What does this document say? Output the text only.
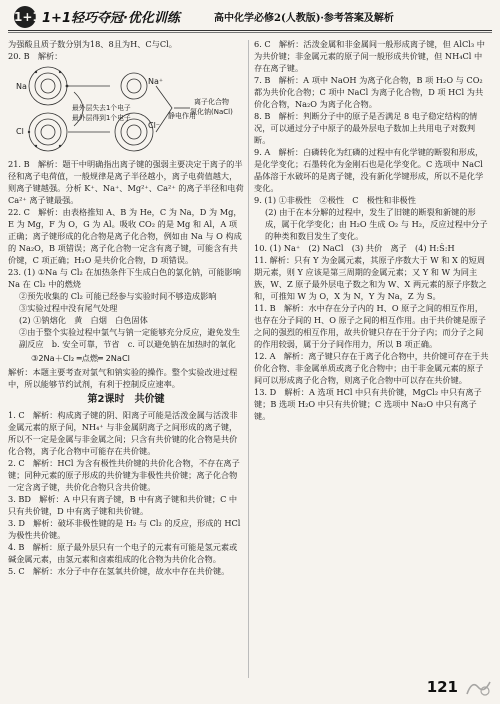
1+1 1+1轻巧夺冠·优化训练	高中化学必修2(人教版)·参考答案及解析

为强酸且质子数分别为18、8且为H、C与Cl。

20. B　解析：

Na
Cl
最外层失去1个电子
最外层得到1个电子
Na⁺
Cl⁻
静电作用
离子化合物
氯化钠(NaCl)

21. B　解析：题干中明确指出离子键的强弱主要决定于离子的半径和离子电荷值，一般规律是离子半径越小，离子电荷值越大，则离子键越强。分析 K⁺、Na⁺、Mg²⁺、Ca²⁺ 的离子半径和电荷 Ca²⁺ 离子键最强。

22. C　解析：由表格推知 A、B 为 He，C 为 Na，D 为 Mg，E 为 Mg，F 为 O，G 为 Al。吸收 CO₂ 的是 Mg 和 Al，A 项正确；离子键形成的化合物是离子化合物，例如由 Na 与 O 构成的 Na₂O，B 项错误；离子化合物一定含有离子键，可能含有共价键，C 项正确；H₂O 是共价化合物，D 项错误。

23. (1) ①Na 与 Cl₂ 在加热条件下生成白色的氯化钠，可能影响 Na 在 Cl₂ 中的燃烧

②预先收集的 Cl₂ 可能已经参与实验时间不够造成影响

③实验过程中没有尾气处理

(2) ①钠熔化　黄　白烟　白色固体

②由于整个实验过程中氯气与钠一定能够充分反应，避免发生副反应　b. 安全可靠，节省　c. 可以避免钠在加热时的氧化

③2Na＋Cl₂ ═点燃═ 2NaCl

解析：本题主要考查对氯气和钠实验的操作。整个实验改进过程中，所以能够节约试剂，有利于控制反应速率。

第2课时　共价键

1. C　解析：构成离子键的阴、阳离子可能是活泼金属与活泼非金属元素的原子间，NH₄⁺ 与非金属阴离子之间形成的离子键，所以不一定是金属与非金属之间；只含有共价键的化合物是共价化合物，离子化合物中可能存在共价键。

2. C　解析：HCl 为含有极性共价键的共价化合物，不存在离子键；同种元素的原子形成的共价键为非极性共价键；离子化合物一定含离子键，共价化合物只含共价键。

3. BD　解析：A 中只有离子键，B 中有离子键和共价键；C 中只有共价键，D 中有离子键和共价键。

3. D　解析：破坏非极性键的是 H₂ 与 Cl₂ 的反应，形成的 HCl 为极性共价键。

4. B　解析：原子最外层只有一个电子的元素有可能是氢元素或碱金属元素，由氢元素和卤素组成的化合物为共价化合物。

5. C　解析：水分子中存在氢氧共价键，故水中存在共价键。

6. C　解析：活泼金属和非金属间一般形成离子键，但 AlCl₃ 中为共价键；非金属元素的原子间一般形成共价键，但 NH₄Cl 中存在离子键。

7. B　解析：A 项中 NaOH 为离子化合物，B 项 H₂O 与 CO₂ 都为共价化合物；C 项中 NaCl 为离子化合物，D 项 HCl 为共价化合物，Na₂O 为离子化合物。

8. B　解析：判断分子中的原子是否满足 8 电子稳定结构的情况，可以通过分子中原子的最外层电子数加上共用电子对数判断。

9. A　解析：白磷转化为红磷的过程中有化学键的断裂和形成，是化学变化；石墨转化为金刚石也是化学变化。C 选项中 NaCl 晶体溶于水破坏的是离子键，没有新化学键形成，所以不是化学变化。

9. (1) ①非极性　②极性　C　极性和非极性

(2) 由于在本分解的过程中，发生了旧键的断裂和新键的形成，属于化学变化；由 H₂O 生成 O₂ 与 H₂，反应过程中分子的种类和数目发生了变化。

10. (1) Na⁺　(2) NaCl　(3) 共价　离子　(4) H:Ṡ:H

11. 解析：只有 Y 为金属元素，其原子序数大于 W 和 X 的短周期元素，则 Y 应该是第三周期的金属元素；又 Y 和 W 为同主族，W、Z 原子最外层电子数之和为 W、X 两元素的原子序数之和，可推知 W 为 O，X 为 N，Y 为 Na，Z 为 S。

11. B　解析：水中存在分子内的 H、O 原子之间的相互作用，也存在分子间的 H、O 原子之间的相互作用。由于共价键是原子之间的强烈的相互作用，故共价键只存在于分子内；而分子之间的作用较弱，属于分子间作用力，所以 B 项正确。

12. A　解析：离子键只存在于离子化合物中，共价键可存在于共价化合物、非金属单质或离子化合物中；由于非金属元素的原子间可以形成离子化合物，则离子化合物中可以存在共价键。

13. D　解析：A 选项 HCl 中只有共价键，MgCl₂ 中只有离子键；B 选项 H₂O 中只有共价键；C 选项中 Na₂O 中只有离子键。

121
